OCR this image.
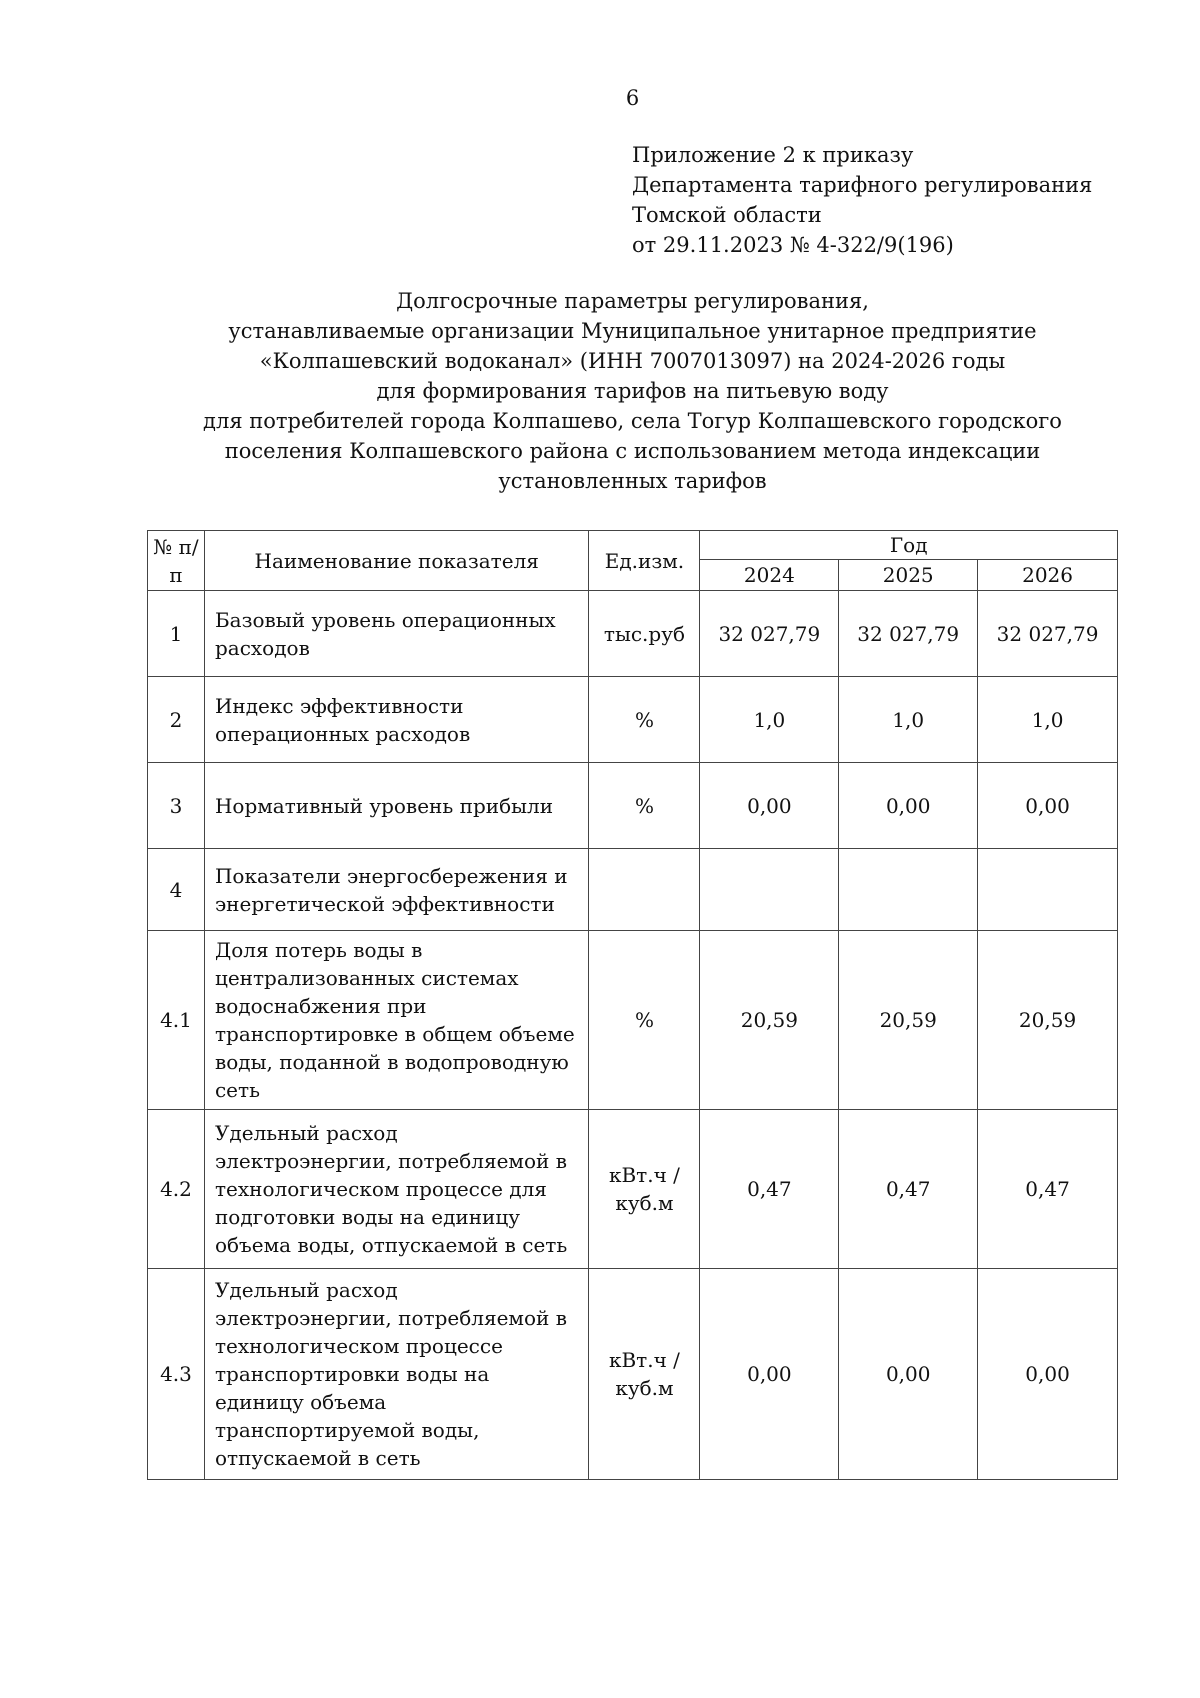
6
Приложение 2 к приказу
Департамента тарифного регулирования
Томской области
от 29.11.2023 № 4-322/9(196)
Долгосрочные параметры регулирования,
устанавливаемые организации Муниципальное унитарное предприятие
«Колпашевский водоканал» (ИНН 7007013097) на 2024-2026 годы
для формирования тарифов на питьевую воду
для потребителей города Колпашево, села Тогур Колпашевского городского
поселения Колпашевского района с использованием метода индексации
установленных тарифов
№ п/п	Наименование показателя	Ед.изм.	Год		
			2024	2025	2026
1	Базовый уровень операционных расходов	тыс.руб	32 027,79	32 027,79	32 027,79
2	Индекс эффективности операционных расходов	%	1,0	1,0	1,0
3	Нормативный уровень прибыли	%	0,00	0,00	0,00
4	Показатели энергосбережения и энергетической эффективности				
4.1	Доля потерь воды в централизованных системах водоснабжения при транспортировке в общем объеме воды, поданной в водопроводную сеть	%	20,59	20,59	20,59
4.2	Удельный расход электроэнергии, потребляемой в технологическом процессе для подготовки воды на единицу объема воды, отпускаемой в сеть	кВт.ч / куб.м	0,47	0,47	0,47
4.3	Удельный расход электроэнергии, потребляемой в технологическом процессе транспортировки воды на единицу объема транспортируемой воды, отпускаемой в сеть	кВт.ч / куб.м	0,00	0,00	0,00
